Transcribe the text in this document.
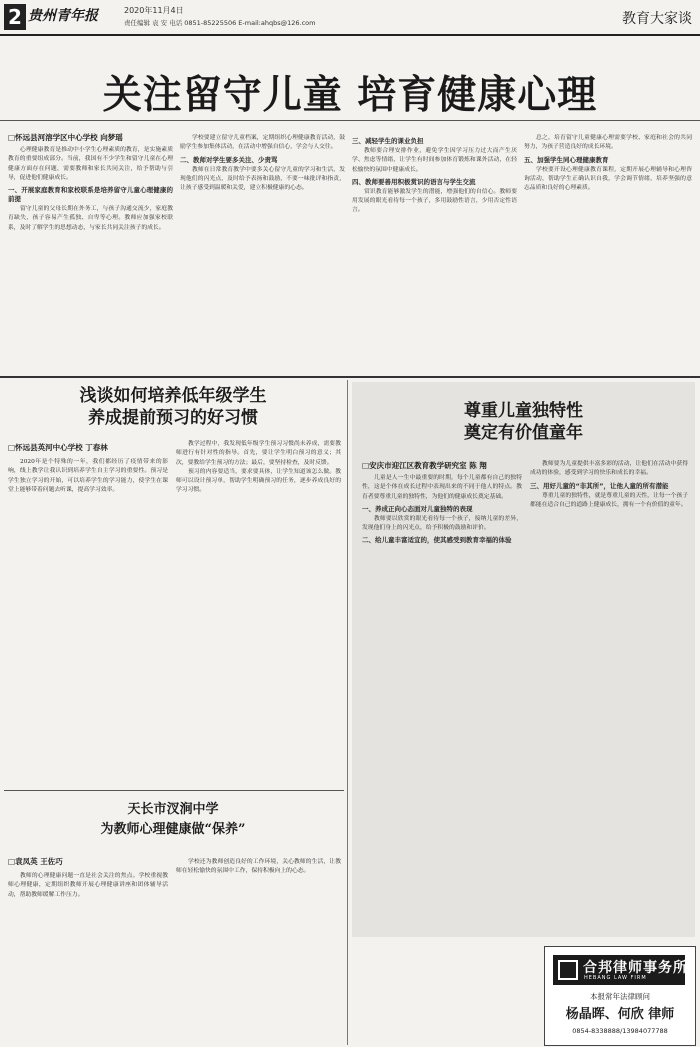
2 贵州青年报	2020年11月4日
责任编辑 袁 安 电话 0851-85225506 E-mail:ahqbs@126.com	教育大家谈
关注留守儿童 培育健康心理
□怀远县河溶学区中心学校 向梦瑶

心理健康教育是推动中小学生心理素质的教育，是实施素质教育的重要组成部分。当前，我国有不少学生和留守儿童在心理健康方面存在问题，需要教师和家长共同关注，给予帮助与引导，促进他们健康成长。

一、开展家庭教育和家校联系是培养留守儿童心理健康的前提

留守儿童的父母长期在外务工，与孩子沟通交流少，家庭教育缺失，孩子容易产生孤独、自卑等心理。教师应加强家校联系，及时了解学生的思想动态，与家长共同关注孩子的成长。

学校要建立留守儿童档案，定期组织心理健康教育活动，鼓励学生参加集体活动，在活动中增强自信心，学会与人交往。

二、教师对学生要多关注、少责骂

教师在日常教育教学中要多关心留守儿童的学习和生活，发现他们的闪光点，及时给予表扬和鼓励，不要一味批评和指责，让孩子感受到温暖和关爱，建立积极健康的心态。

三、减轻学生的课业负担

教师要合理安排作业，避免学生因学习压力过大而产生厌学、焦虑等情绪，让学生有时间参加体育锻炼和课外活动，在轻松愉快的氛围中健康成长。

四、教师要善用积极赏识的语言与学生交流

赏识教育能够激发学生的潜能，增强他们的自信心。教师要用发展的眼光看待每一个孩子，多用鼓励性语言，少用否定性语言。

总之，培育留守儿童健康心理需要学校、家庭和社会的共同努力，为孩子营造良好的成长环境。

五、加强学生同心理健康教育

学校要开设心理健康教育课程，定期开展心理辅导和心理咨询活动，帮助学生正确认识自我，学会调节情绪，培养坚强的意志品质和良好的心理素质。

浅谈如何培养低年级学生
养成提前预习的好习惯
□怀远县英河中心学校 丁春林

2020年是个特殊的一年，我们都经历了疫情带来的影响，线上教学让我认识到培养学生自主学习的重要性。预习是学生独立学习的开始，可以培养学生的学习能力，使学生在课堂上能够带着问题去听课，提高学习效率。

教学过程中，我发现低年级学生预习习惯尚未养成，需要教师进行有针对性的指导。首先，要让学生明白预习的意义；其次，要教给学生预习的方法；最后，要坚持检查，及时反馈。

预习的内容要适当，要求要具体，让学生知道该怎么做。教师可以设计预习单，帮助学生明确预习的任务，逐步养成良好的学习习惯。

天长市汊涧中学
为教师心理健康做“保养”
□袁凤英 王佐巧

教师的心理健康问题一直是社会关注的焦点。学校重视教师心理健康，定期组织教师开展心理健康讲座和团体辅导活动，帮助教师缓解工作压力。

学校还为教师创造良好的工作环境，关心教师的生活，让教师在轻松愉快的氛围中工作，保持积极向上的心态。

尊重儿童独特性
奠定有价值童年
□安庆市迎江区教育教学研究室 陈 翔

儿童是人一生中最重要的时期，每个儿童都有自己的独特性，这是个体在成长过程中表现出来的不同于他人的特点。教育者要尊重儿童的独特性，为他们的健康成长奠定基础。

一、养成正向心态面对儿童独特的表现

教师要以欣赏的眼光看待每一个孩子，接纳儿童的差异，发现他们身上的闪光点，给予积极的鼓励和评价。

二、给儿童丰富适宜的，使其感受到教育幸福的体验

教师要为儿童提供丰富多彩的活动，让他们在活动中获得成功的体验，感受到学习的快乐和成长的幸福。

三、用好儿童的“非其所”，让他人童的所有潜能

尊重儿童的独特性，就是尊重儿童的天性，让每一个孩子都能在适合自己的道路上健康成长，拥有一个有价值的童年。

合邦律师事务所
HEBANG LAW FIRM
本报常年法律顾问
杨晶晖、何欣 律师
0854-8338888/13984077788
